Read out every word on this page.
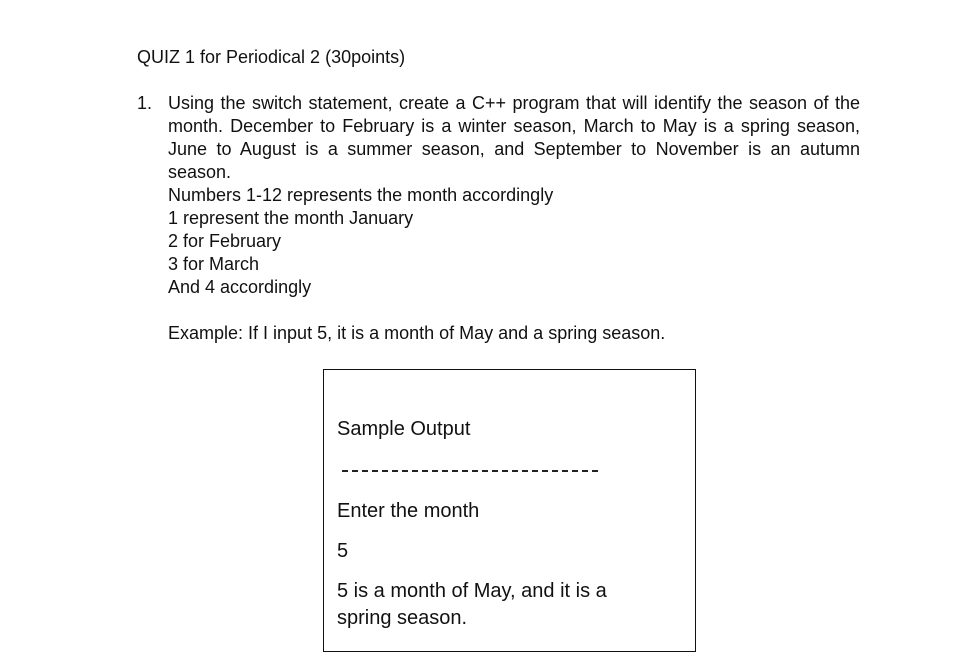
QUIZ 1 for Periodical 2 (30points)
1. Using the switch statement, create a C++ program that will identify the season of the month. December to February is a winter season, March to May is a spring season, June to August is a summer season, and September to November is an autumn season.
Numbers 1-12 represents the month accordingly
1 represent the month January
2 for February
3 for March
And 4 accordingly
Example: If I input 5, it is a month of May and a spring season.
Sample Output
Enter the month
5
5 is a month of May, and it is a spring season.
